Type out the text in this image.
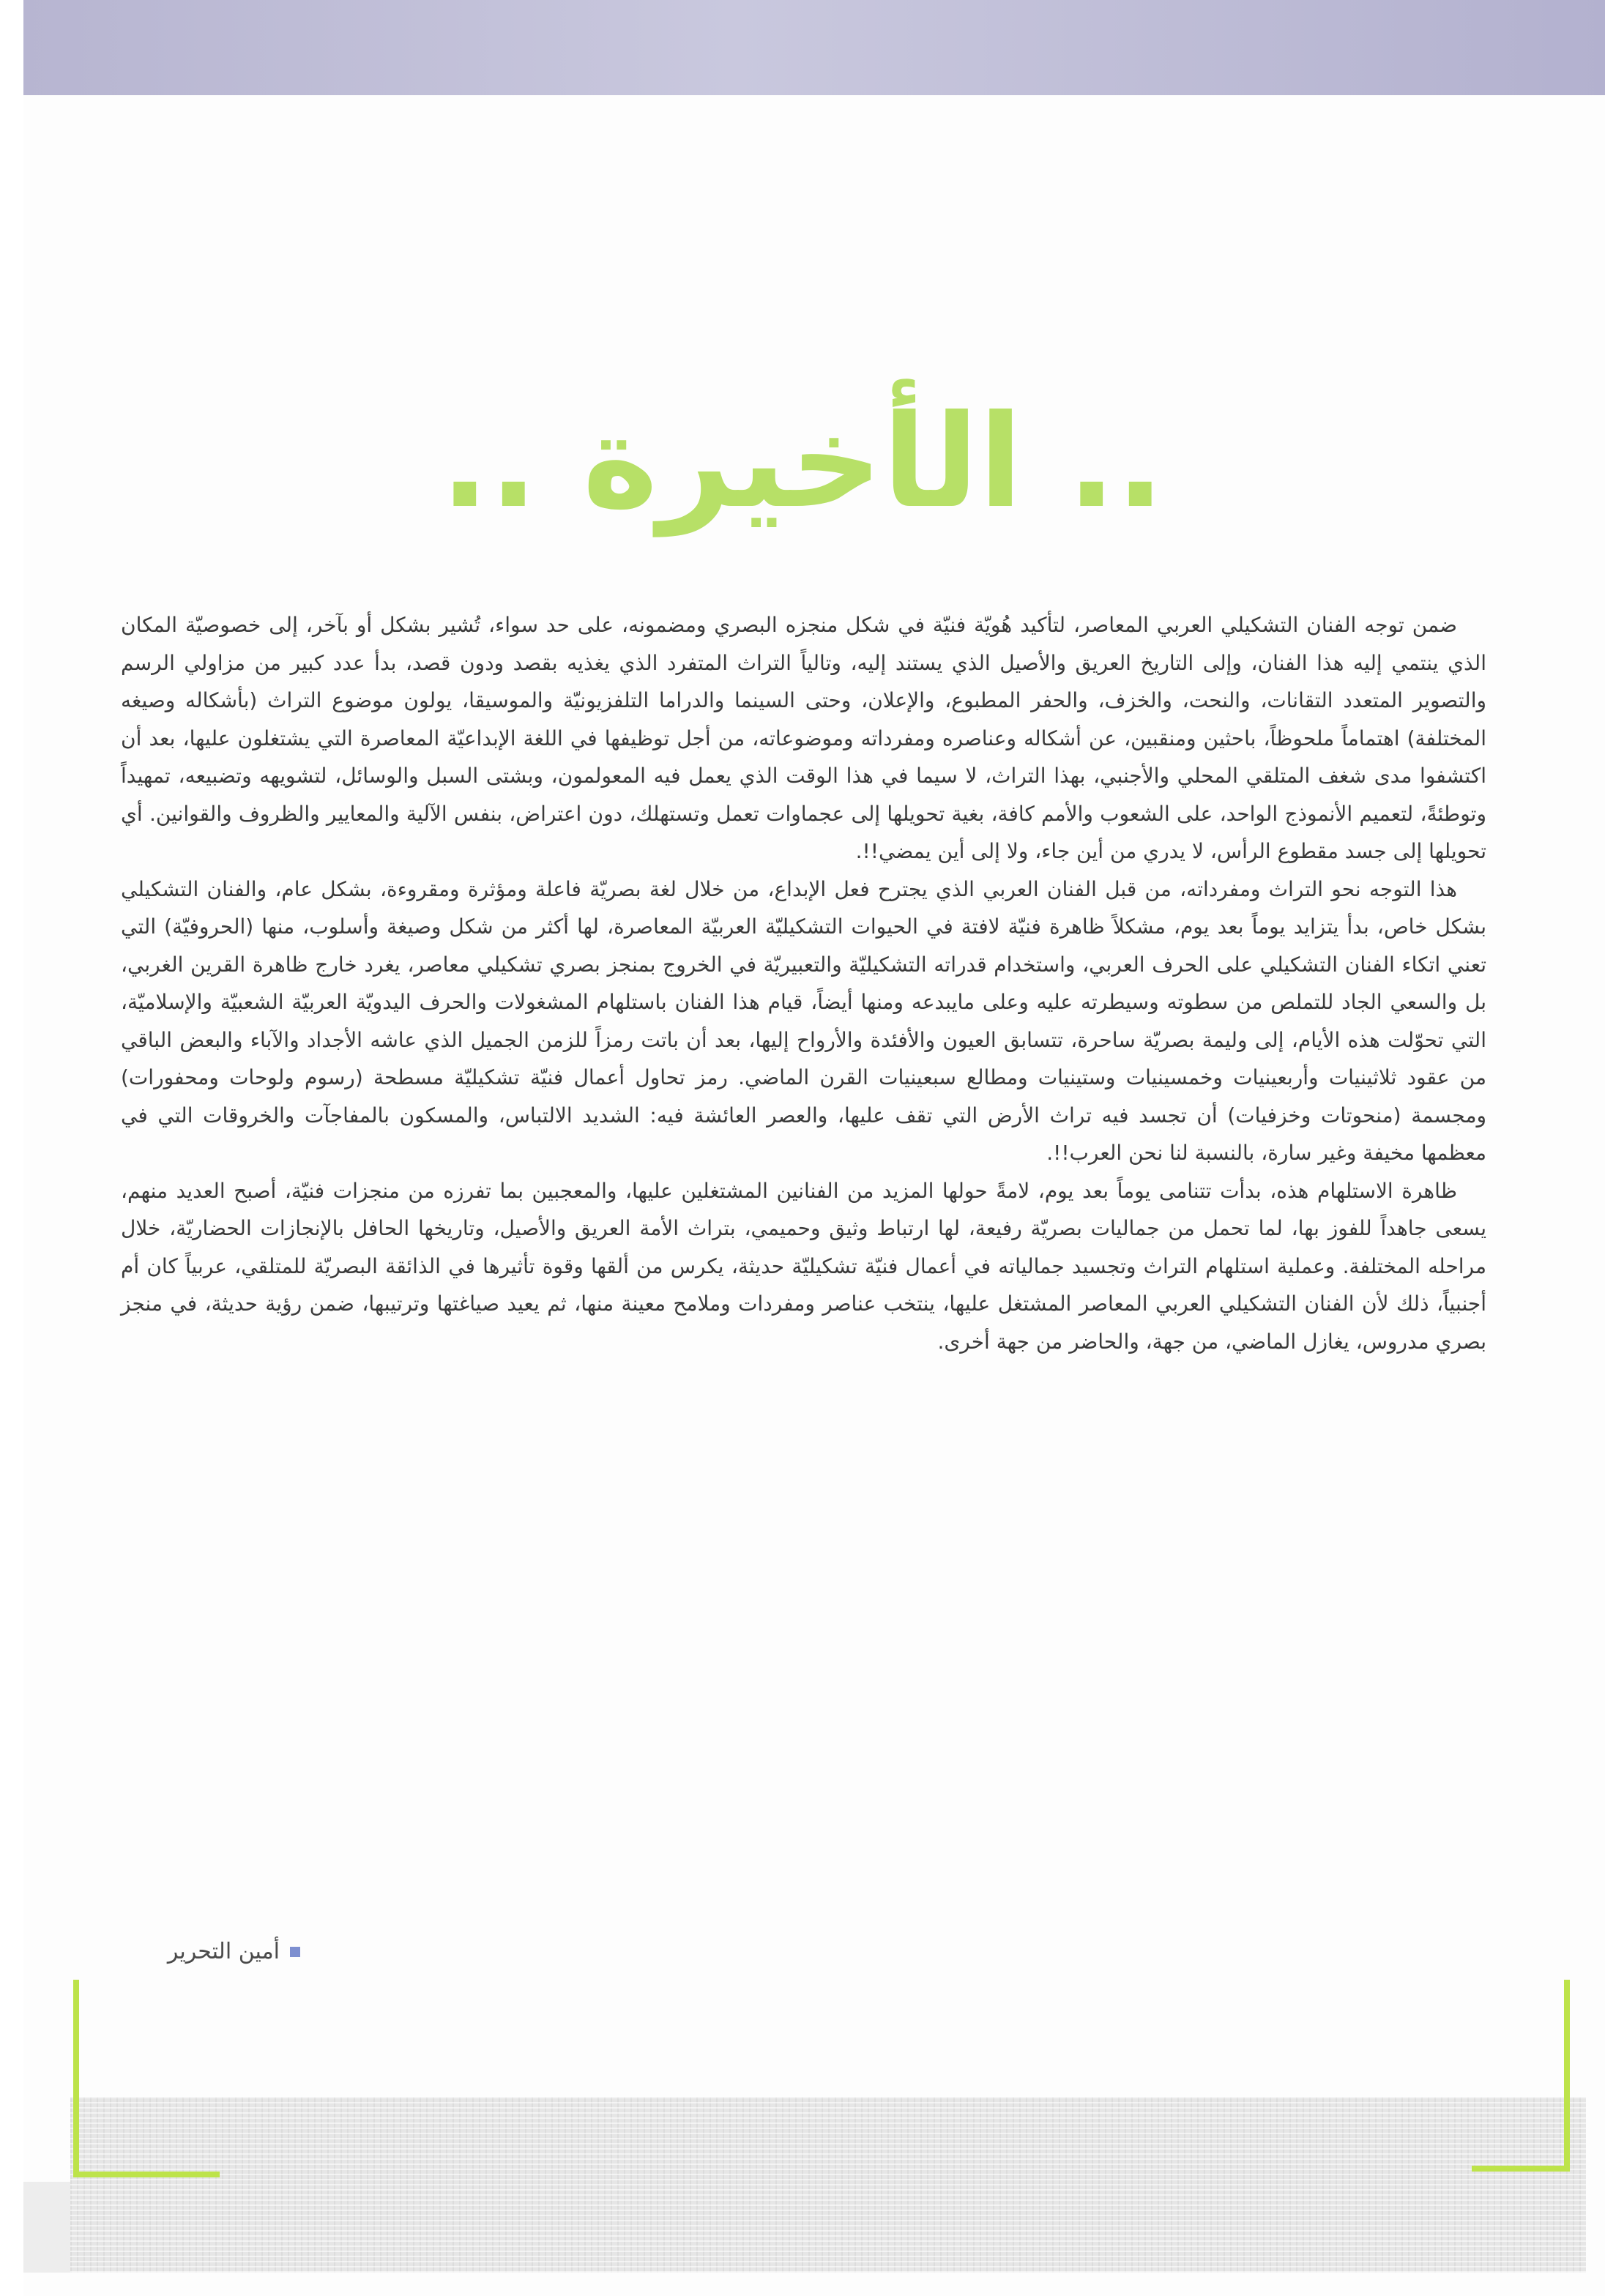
.. الأخيرة ..

ضمن توجه الفنان التشكيلي العربي المعاصر، لتأكيد هُويّة فنيّة في شكل منجزه البصري ومضمونه، على حد سواء، تُشير بشكل أو بآخر، إلى خصوصيّة المكان الذي ينتمي إليه هذا الفنان، وإلى التاريخ العريق والأصيل الذي يستند إليه، وتالياً التراث المتفرد الذي يغذيه بقصد ودون قصد، بدأ عدد كبير من مزاولي الرسم والتصوير المتعدد التقانات، والنحت، والخزف، والحفر المطبوع، والإعلان، وحتى السينما والدراما التلفزيونيّة والموسيقا، يولون موضوع التراث (بأشكاله وصيغه المختلفة) اهتماماً ملحوظاً، باحثين ومنقبين، عن أشكاله وعناصره ومفرداته وموضوعاته، من أجل توظيفها في اللغة الإبداعيّة المعاصرة التي يشتغلون عليها، بعد أن اكتشفوا مدى شغف المتلقي المحلي والأجنبي، بهذا التراث، لا سيما في هذا الوقت الذي يعمل فيه المعولمون، وبشتى السبل والوسائل، لتشويهه وتضبيعه، تمهيداً وتوطئةً، لتعميم الأنموذج الواحد، على الشعوب والأمم كافة، بغية تحويلها إلى عجماوات تعمل وتستهلك، دون اعتراض، بنفس الآلية والمعايير والظروف والقوانين. أي تحويلها إلى جسد مقطوع الرأس، لا يدري من أين جاء، ولا إلى أين يمضي!!.

هذا التوجه نحو التراث ومفرداته، من قبل الفنان العربي الذي يجترح فعل الإبداع، من خلال لغة بصريّة فاعلة ومؤثرة ومقروءة، بشكل عام، والفنان التشكيلي بشكل خاص، بدأ يتزايد يوماً بعد يوم، مشكلاً ظاهرة فنيّة لافتة في الحيوات التشكيليّة العربيّة المعاصرة، لها أكثر من شكل وصيغة وأسلوب، منها (الحروفيّة) التي تعني اتكاء الفنان التشكيلي على الحرف العربي، واستخدام قدراته التشكيليّة والتعبيريّة في الخروج بمنجز بصري تشكيلي معاصر، يغرد خارج ظاهرة القرين الغربي، بل والسعي الجاد للتملص من سطوته وسيطرته عليه وعلى مايبدعه ومنها أيضاً، قيام هذا الفنان باستلهام المشغولات والحرف اليدويّة العربيّة الشعبيّة والإسلاميّة، التي تحوّلت هذه الأيام، إلى وليمة بصريّة ساحرة، تتسابق العيون والأفئدة والأرواح إليها، بعد أن باتت رمزاً للزمن الجميل الذي عاشه الأجداد والآباء والبعض الباقي من عقود ثلاثينيات وأربعينيات وخمسينيات وستينيات ومطالع سبعينيات القرن الماضي. رمز تحاول أعمال فنيّة تشكيليّة مسطحة (رسوم ولوحات ومحفورات) ومجسمة (منحوتات وخزفيات) أن تجسد فيه تراث الأرض التي تقف عليها، والعصر العائشة فيه: الشديد الالتباس، والمسكون بالمفاجآت والخروقات التي في معظمها مخيفة وغير سارة، بالنسبة لنا نحن العرب!!.

ظاهرة الاستلهام هذه، بدأت تتنامى يوماً بعد يوم، لامةً حولها المزيد من الفنانين المشتغلين عليها، والمعجبين بما تفرزه من منجزات فنيّة، أصبح العديد منهم، يسعى جاهداً للفوز بها، لما تحمل من جماليات بصريّة رفيعة، لها ارتباط وثيق وحميمي، بتراث الأمة العريق والأصيل، وتاريخها الحافل بالإنجازات الحضاريّة، خلال مراحله المختلفة. وعملية استلهام التراث وتجسيد جمالياته في أعمال فنيّة تشكيليّة حديثة، يكرس من ألقها وقوة تأثيرها في الذائقة البصريّة للمتلقي، عربياً كان أم أجنبياً، ذلك لأن الفنان التشكيلي العربي المعاصر المشتغل عليها، ينتخب عناصر ومفردات وملامح معينة منها، ثم يعيد صياغتها وترتيبها، ضمن رؤية حديثة، في منجز بصري مدروس، يغازل الماضي، من جهة، والحاضر من جهة أخرى.

أمين التحرير
